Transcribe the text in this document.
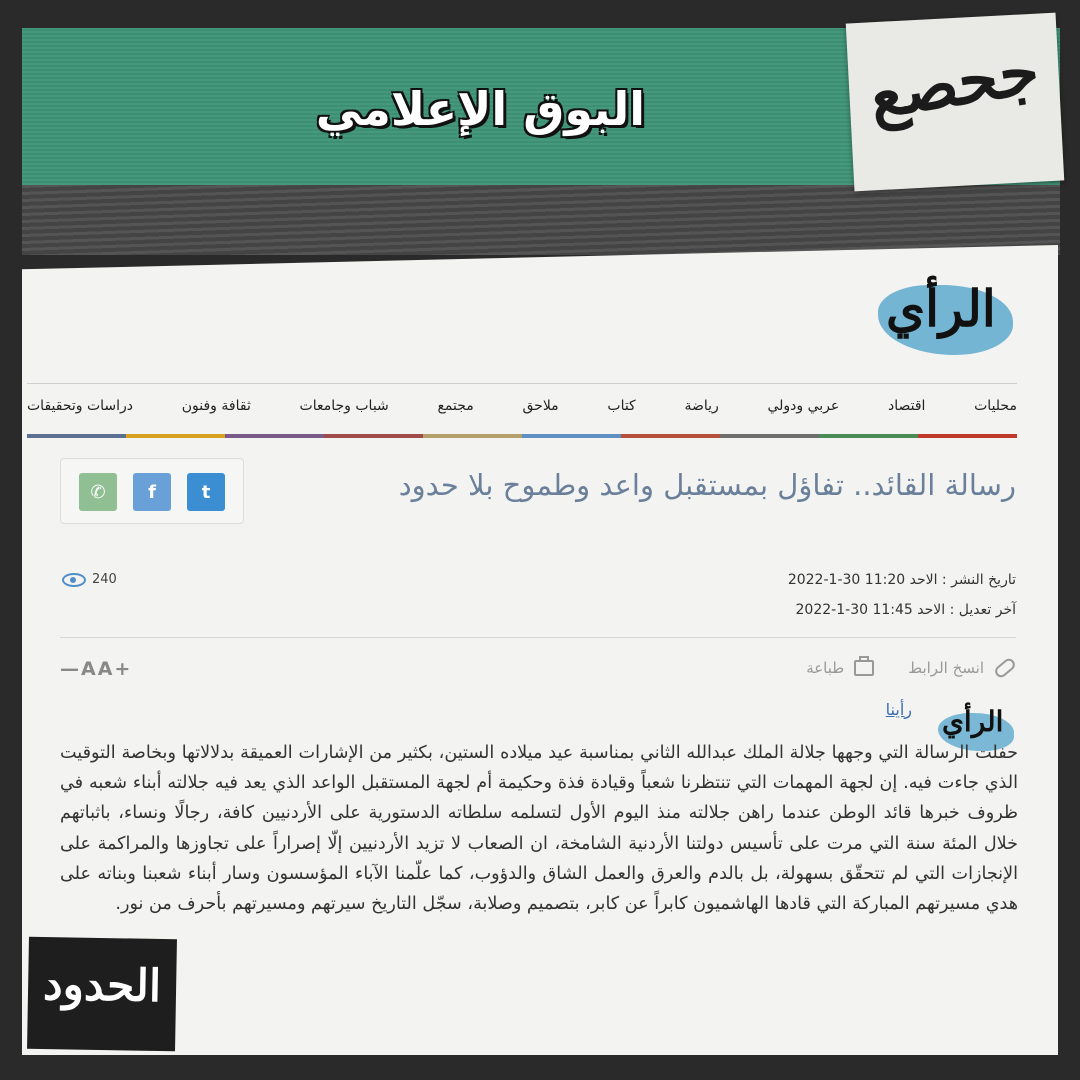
البوق الإعلامي	جحصع
الرأي
محليات
اقتصاد
عربي ودولي
رياضة
كتاب
ملاحق
مجتمع
شباب وجامعات
ثقافة وفنون
دراسات وتحقيقات
رسالة القائد.. تفاؤل بمستقبل واعد وطموح بلا حدود
t
f
✆
تاريخ النشر : الاحد 11:20 30-1-2022
آخر تعديل : الاحد 11:45 30-1-2022
240
طباعة	انسخ الرابط
—AA+
الرأي
رأينا
حفلت الرسالة التي وجهها جلالة الملك عبدالله الثاني بمناسبة عيد ميلاده الستين، بكثير من الإشارات العميقة بدلالاتها وبخاصة التوقيت الذي جاءت فيه. إن لجهة المهمات التي تنتظرنا شعباً وقيادة فذة وحكيمة أم لجهة المستقبل الواعد الذي يعد فيه جلالته أبناء شعبه في ظروف خبرها قائد الوطن عندما راهن جلالته منذ اليوم الأول لتسلمه سلطاته الدستورية على الأردنيين كافة، رجالًا ونساء، باثباتهم خلال المئة سنة التي مرت على تأسيس دولتنا الأردنية الشامخة، ان الصعاب لا تزيد الأردنيين إلّا إصراراً على تجاوزها والمراكمة على الإنجازات التي لم تتحقّق بسهولة، بل بالدم والعرق والعمل الشاق والدؤوب، كما علّمنا الآباء المؤسسون وسار أبناء شعبنا وبناته على هدي مسيرتهم المباركة التي قادها الهاشميون كابراً عن كابر، بتصميم وصلابة، سجّل التاريخ سيرتهم ومسيرتهم بأحرف من نور.
الحدود
